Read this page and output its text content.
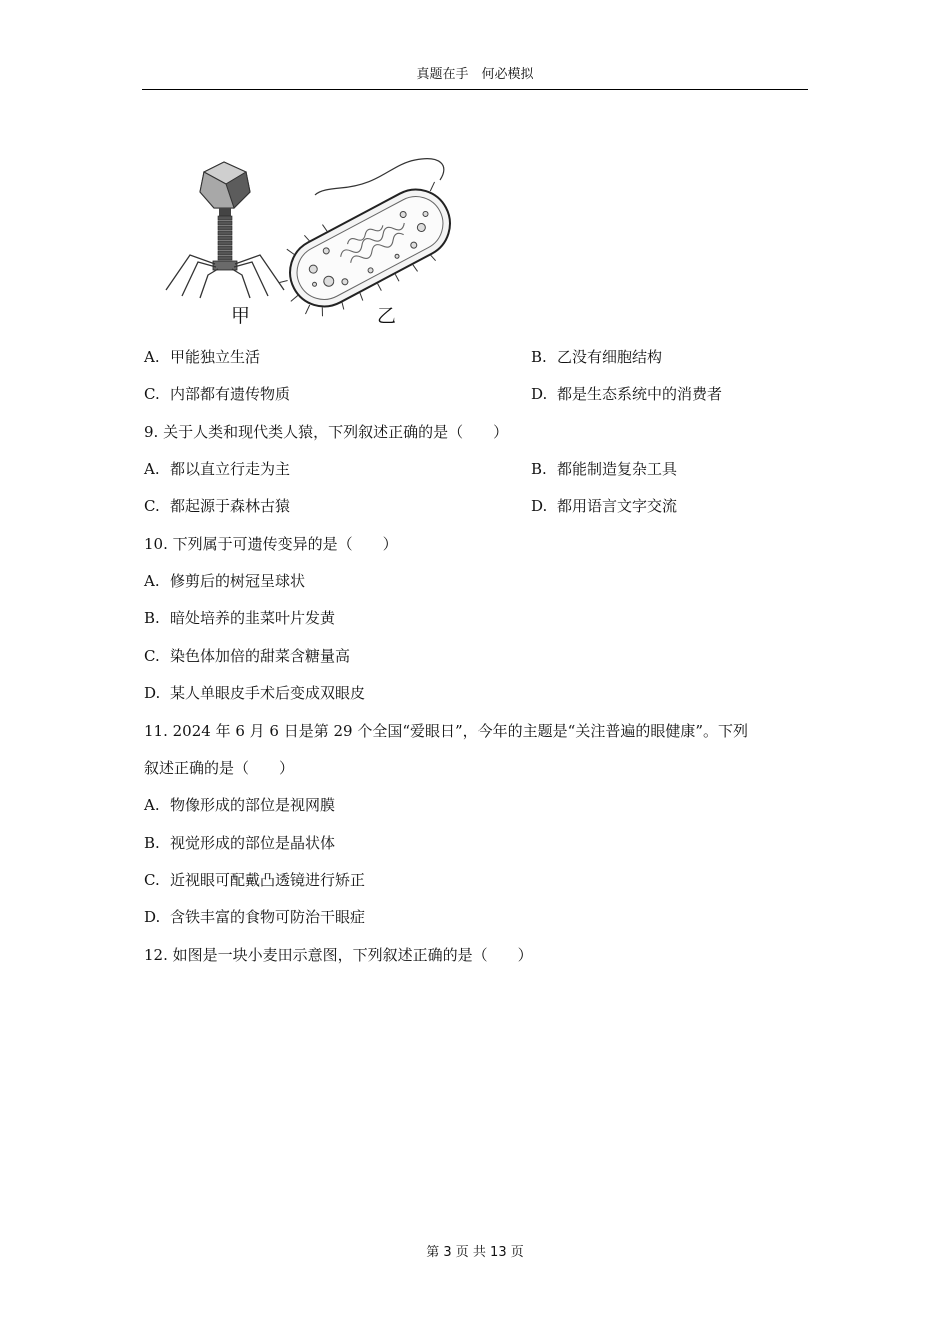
真题在手　何必模拟
甲	乙
A. 甲能独立生活	B. 乙没有细胞结构
C. 内部都有遗传物质	D. 都是生态系统中的消费者
9. 关于人类和现代类人猿，下列叙述正确的是（　　）
A. 都以直立行走为主	B. 都能制造复杂工具
C. 都起源于森林古猿	D. 都用语言文字交流
10. 下列属于可遗传变异的是（　　）
A. 修剪后的树冠呈球状
B. 暗处培养的韭菜叶片发黄
C. 染色体加倍的甜菜含糖量高
D. 某人单眼皮手术后变成双眼皮
11. 2024 年 6 月 6 日是第 29 个全国“爱眼日”，今年的主题是“关注普遍的眼健康”。下列
叙述正确的是（　　）
A. 物像形成的部位是视网膜
B. 视觉形成的部位是晶状体
C. 近视眼可配戴凸透镜进行矫正
D. 含铁丰富的食物可防治干眼症
12. 如图是一块小麦田示意图，下列叙述正确的是（　　）
第 3 页 共 13 页
